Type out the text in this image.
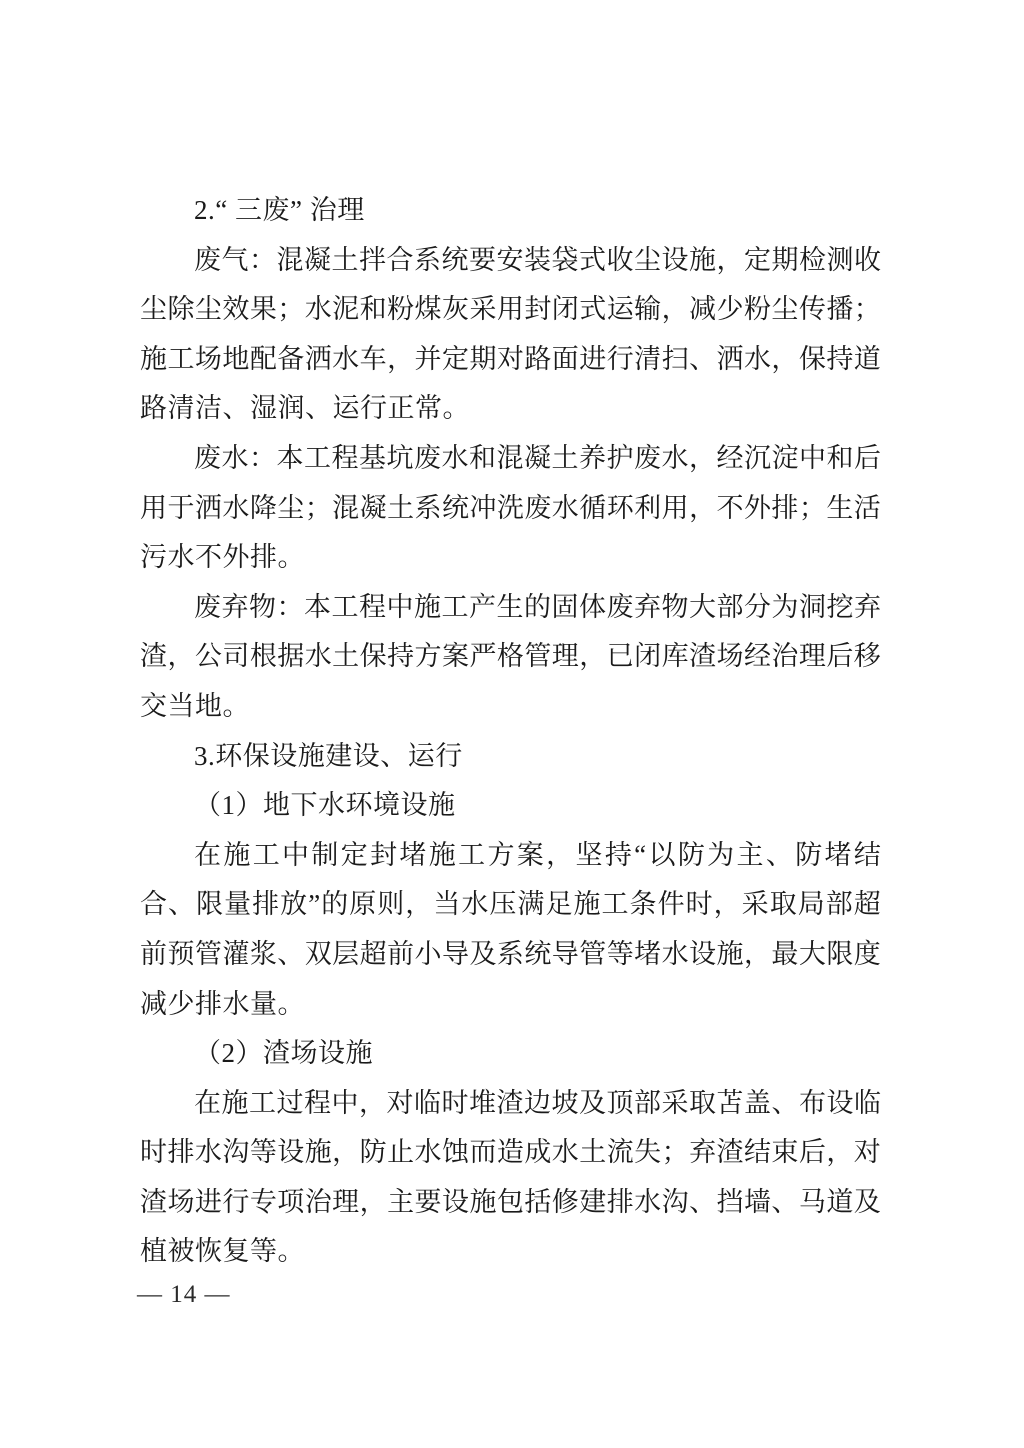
2.“ 三废” 治理
废 气 ： 混 凝 土 拌 合 系 统 要 安 装 袋 式 收 尘 设 施 ， 定 期 检 测 收
尘 除 尘 效 果 ； 水 泥 和 粉 煤 灰 采 用 封 闭 式 运 输 ， 减 少 粉 尘 传 播 ；
施 工 场 地 配 备 洒 水 车 ， 并 定 期 对 路 面 进 行 清 扫 、 洒 水 ， 保 持 道
路清洁、湿润、运行正常。
废 水 ： 本 工 程 基 坑 废 水 和 混 凝 土 养 护 废 水 ， 经 沉 淀 中 和 后
用 于 洒 水 降 尘 ； 混 凝 土 系 统 冲 洗 废 水 循 环 利 用 ， 不 外 排 ； 生 活
污水不外排。
废 弃 物 ： 本 工 程 中 施 工 产 生 的 固 体 废 弃 物 大 部 分 为 洞 挖 弃
渣 ， 公 司 根 据 水 土 保 持 方 案 严 格 管 理 ， 已 闭 库 渣 场 经 治 理 后 移
交当地。
3.环保设施建设、运行
（1）地下水环境设施
在 施 工 中 制 定 封 堵 施 工 方 案 ， 坚 持 “ 以 防 为 主 、 防 堵 结
合 、 限 量 排 放 ” 的 原 则 ， 当 水 压 满 足 施 工 条 件 时 ， 采 取 局 部 超
前 预 管 灌 浆 、 双 层 超 前 小 导 及 系 统 导 管 等 堵 水 设 施 ， 最 大 限 度
减少排水量。
（2）渣场设施
在 施 工 过 程 中 ， 对 临 时 堆 渣 边 坡 及 顶 部 采 取 苫 盖 、 布 设 临
时 排 水 沟 等 设 施 ， 防 止 水 蚀 而 造 成 水 土 流 失 ； 弃 渣 结 束 后 ， 对
渣 场 进 行 专 项 治 理 ， 主 要 设 施 包 括 修 建 排 水 沟 、 挡 墙 、 马 道 及
植被恢复等。
— 14 —
